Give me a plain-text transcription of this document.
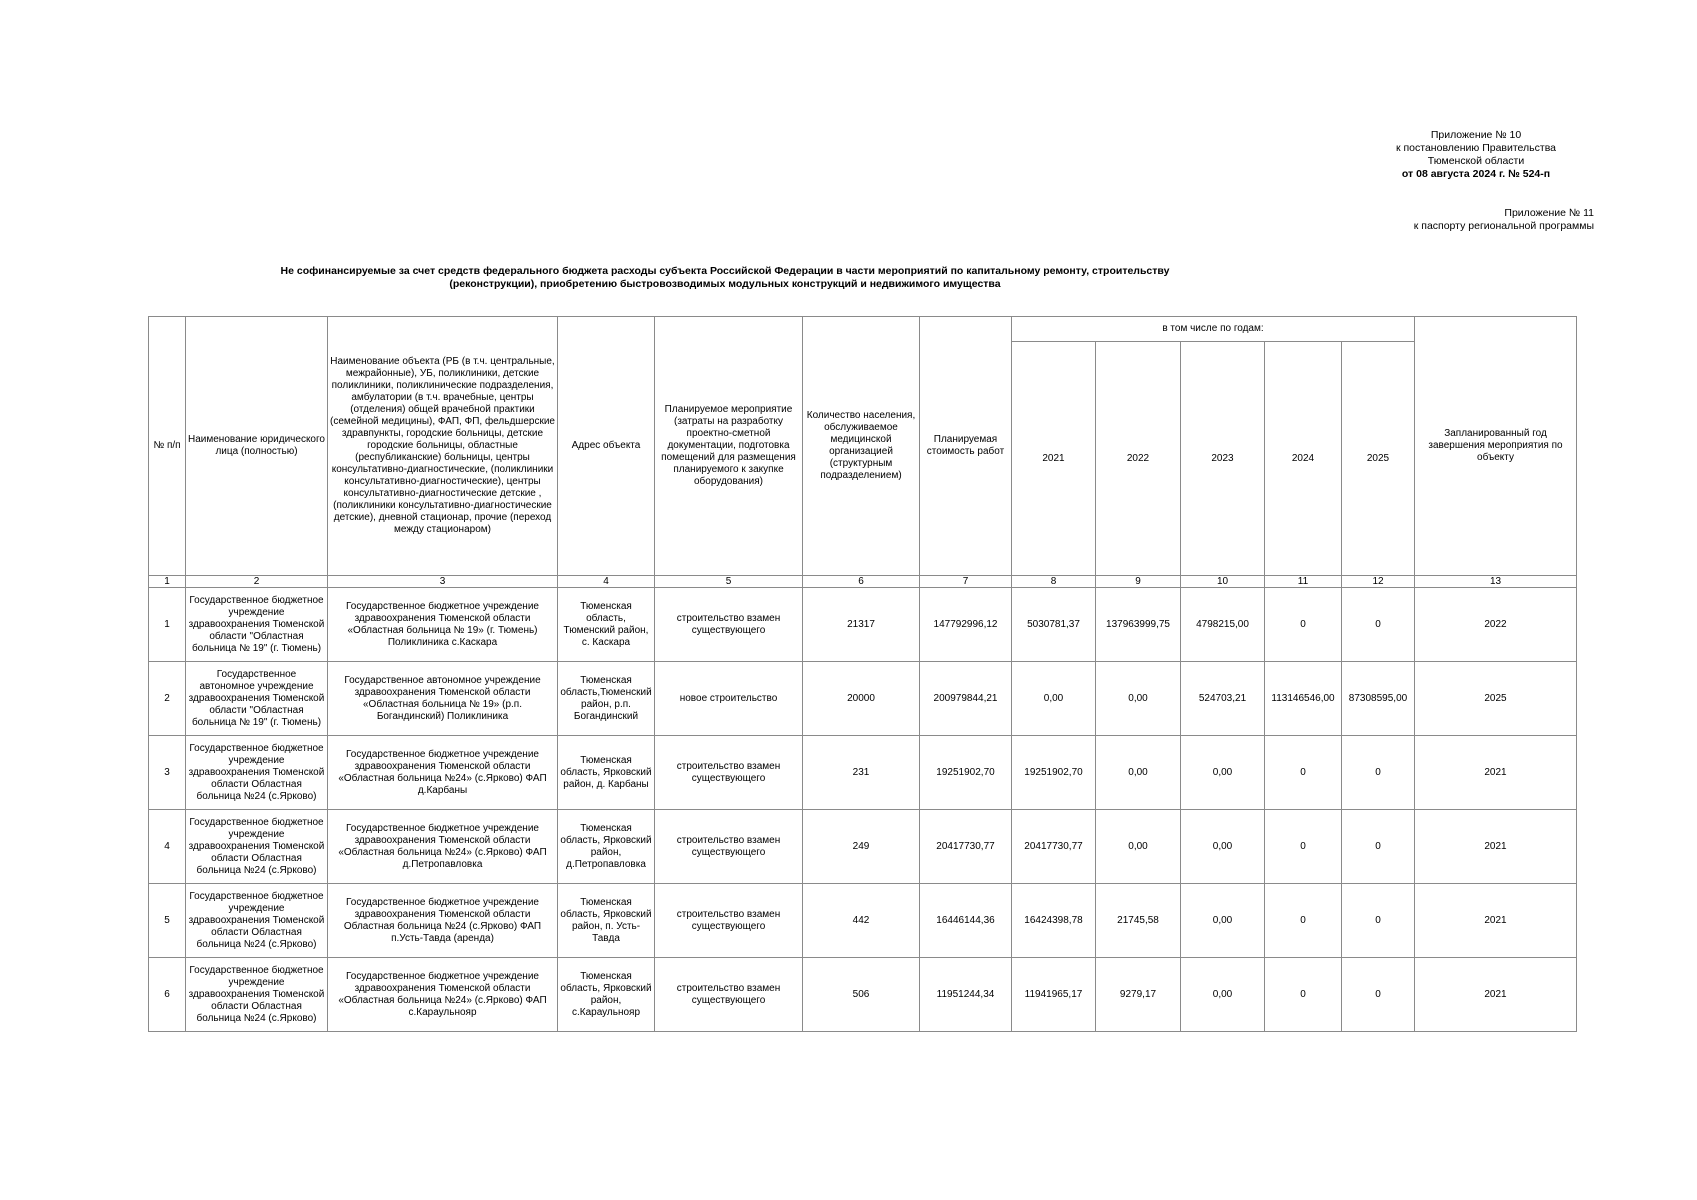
Приложение № 10
к постановлению Правительства
Тюменской области
от 08 августа 2024 г. № 524-п
Приложение № 11
к паспорту региональной программы
Не софинансируемые за счет средств федерального бюджета расходы субъекта Российской Федерации в части мероприятий по капитальному ремонту, строительству
(реконструкции), приобретению быстровозводимых модульных конструкций и недвижимого имущества
№ п/п	Наименование юридического лица (полностью)	Наименование объекта (РБ (в т.ч. центральные, межрайонные), УБ, поликлиники, детские поликлиники, поликлинические подразделения, амбулатории (в т.ч. врачебные, центры (отделения) общей врачебной практики (семейной медицины), ФАП, ФП, фельдшерские здравпункты, городские больницы, детские городские больницы, областные (республиканские) больницы, центры консультативно-диагностические, (поликлиники консультативно-диагностические), центры консультативно-диагностические детские , (поликлиники консультативно-диагностические детские), дневной стационар, прочие (переход между стационаром)	Адрес объекта	Планируемое мероприятие (затраты на разработку проектно-сметной документации, подготовка помещений для размещения планируемого к закупке оборудования)	Количество населения, обслуживаемое медицинской организацией (структурным подразделением)	Планируемая стоимость работ	в том числе по годам:					Запланированный год завершения мероприятия по объекту
							2021	2022	2023	2024	2025	
1	2	3	4	5	6	7	8	9	10	11	12	13
1	Государственное бюджетное учреждение здравоохранения Тюменской области "Областная больница № 19" (г. Тюмень)	Государственное бюджетное учреждение здравоохранения Тюменской области «Областная больница № 19» (г. Тюмень) Поликлиника с.Каскара	Тюменская область, Тюменский район, с. Каскара	строительство взамен существующего	21317	147792996,12	5030781,37	137963999,75	4798215,00	0	0	2022
2	Государственное автономное учреждение здравоохранения Тюменской области "Областная больница № 19" (г. Тюмень)	Государственное автономное учреждение здравоохранения Тюменской области «Областная больница № 19» (р.п. Богандинский) Поликлиника	Тюменская область,Тюменский район, р.п. Богандинский	новое строительство	20000	200979844,21	0,00	0,00	524703,21	113146546,00	87308595,00	2025
3	Государственное бюджетное учреждение здравоохранения Тюменской области Областная больница №24 (с.Ярково)	Государственное бюджетное учреждение здравоохранения Тюменской области «Областная больница №24» (с.Ярково) ФАП д.Карбаны	Тюменская область, Ярковский район, д. Карбаны	строительство взамен существующего	231	19251902,70	19251902,70	0,00	0,00	0	0	2021
4	Государственное бюджетное учреждение здравоохранения Тюменской области Областная больница №24 (с.Ярково)	Государственное бюджетное учреждение здравоохранения Тюменской области «Областная больница №24» (с.Ярково) ФАП д.Петропавловка	Тюменская область, Ярковский район, д.Петропавловка	строительство взамен существующего	249	20417730,77	20417730,77	0,00	0,00	0	0	2021
5	Государственное бюджетное учреждение здравоохранения Тюменской области Областная больница №24 (с.Ярково)	Государственное бюджетное учреждение здравоохранения Тюменской области Областная больница №24 (с.Ярково) ФАП п.Усть-Тавда (аренда)	Тюменская область, Ярковский район, п. Усть-Тавда	строительство взамен существующего	442	16446144,36	16424398,78	21745,58	0,00	0	0	2021
6	Государственное бюджетное учреждение здравоохранения Тюменской области Областная больница №24 (с.Ярково)	Государственное бюджетное учреждение здравоохранения Тюменской области «Областная больница №24» (с.Ярково) ФАП с.Караульнояр	Тюменская область, Ярковский район, с.Караульнояр	строительство взамен существующего	506	11951244,34	11941965,17	9279,17	0,00	0	0	2021
